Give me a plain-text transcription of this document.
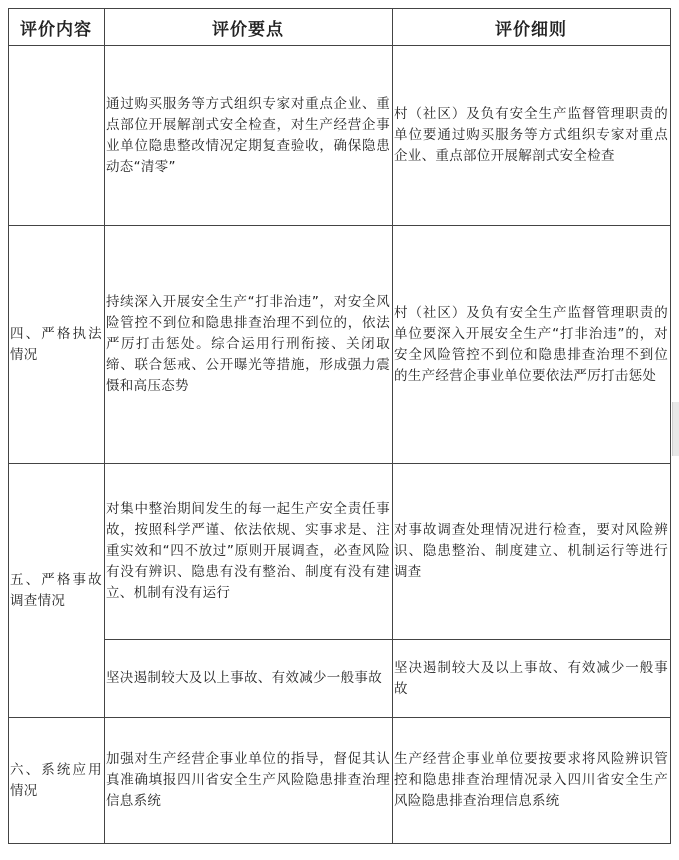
评价内容	评价要点	评价细则
	通过购买服务等方式组织专家对重点企业、重点部位开展解剖式安全检查，对生产经营企事业单位隐患整改情况定期复查验收，确保隐患动态“清零”	村（社区）及负有安全生产监督管理职责的单位要通过购买服务等方式组织专家对重点企业、重点部位开展解剖式安全检查
四、严格执法情况	持续深入开展安全生产“打非治违”，对安全风险管控不到位和隐患排查治理不到位的，依法严厉打击惩处。综合运用行刑衔接、关闭取缔、联合惩戒、公开曝光等措施，形成强力震慑和高压态势	村（社区）及负有安全生产监督管理职责的单位要深入开展安全生产“打非治违”的，对安全风险管控不到位和隐患排查治理不到位的生产经营企事业单位要依法严厉打击惩处
五、严格事故调查情况	对集中整治期间发生的每一起生产安全责任事故，按照科学严谨、依法依规、实事求是、注重实效和“四不放过”原则开展调查，必查风险有没有辨识、隐患有没有整治、制度有没有建立、机制有没有运行	对事故调查处理情况进行检查，要对风险辨识、隐患整治、制度建立、机制运行等进行调查
	坚决遏制较大及以上事故、有效减少一般事故	坚决遏制较大及以上事故、有效减少一般事故
六、系统应用情况	加强对生产经营企事业单位的指导，督促其认真准确填报四川省安全生产风险隐患排查治理信息系统	生产经营企事业单位要按要求将风险辨识管控和隐患排查治理情况录入四川省安全生产风险隐患排查治理信息系统
